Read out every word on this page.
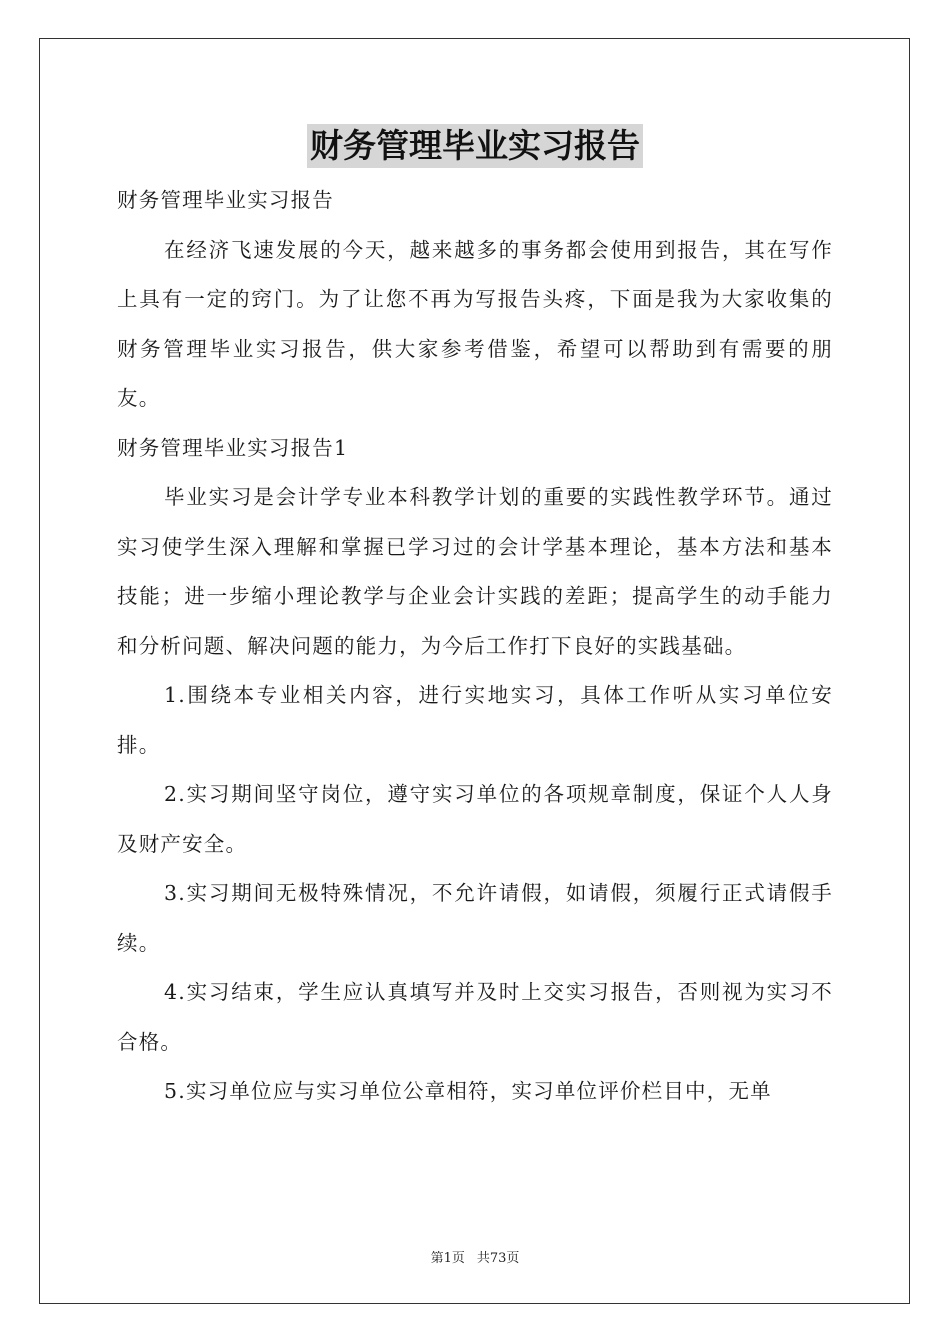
财务管理毕业实习报告

财务管理毕业实习报告

在经济飞速发展的今天，越来越多的事务都会使用到报告，其在写作上具有一定的窍门。为了让您不再为写报告头疼，下面是我为大家收集的财务管理毕业实习报告，供大家参考借鉴，希望可以帮助到有需要的朋友。

财务管理毕业实习报告1

毕业实习是会计学专业本科教学计划的重要的实践性教学环节。通过实习使学生深入理解和掌握已学习过的会计学基本理论，基本方法和基本技能；进一步缩小理论教学与企业会计实践的差距；提高学生的动手能力和分析问题、解决问题的能力，为今后工作打下良好的实践基础。

1.围绕本专业相关内容，进行实地实习，具体工作听从实习单位安排。

2.实习期间坚守岗位，遵守实习单位的各项规章制度，保证个人人身及财产安全。

3.实习期间无极特殊情况，不允许请假，如请假，须履行正式请假手续。

4.实习结束，学生应认真填写并及时上交实习报告，否则视为实习不合格。

5.实习单位应与实习单位公章相符，实习单位评价栏目中，无单

第1页 共73页
